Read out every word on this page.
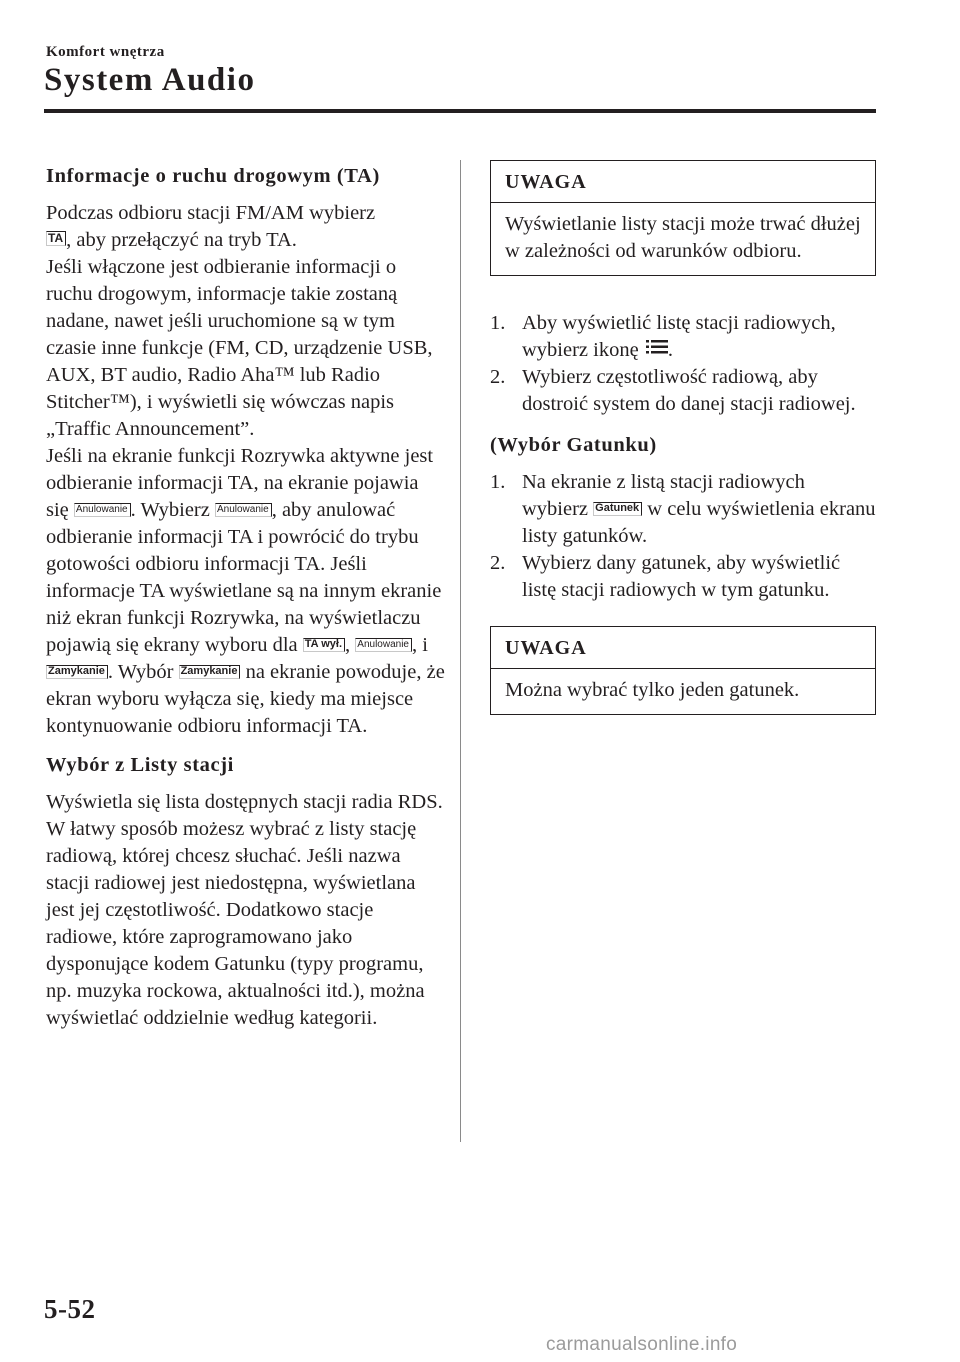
Komfort wnętrza
System Audio
Informacje o ruchu drogowym (TA)

Podczas odbioru stacji FM/AM wybierz
TA , aby przełączyć na tryb TA.

Jeśli włączone jest odbieranie informacji o ruchu drogowym, informacje takie zostaną nadane, nawet jeśli uruchomione są w tym czasie inne funkcje (FM, CD, urządzenie USB, AUX, BT audio, Radio Aha™ lub Radio Stitcher™), i wyświetli się wówczas napis „Traffic Announcement”.

Jeśli na ekranie funkcji Rozrywka aktywne jest odbieranie informacji TA, na ekranie pojawia się Anulowanie . Wybierz Anulowanie , aby anulować odbieranie informacji TA i powrócić do trybu gotowości odbioru informacji TA. Jeśli informacje TA wyświetlane są na innym ekranie niż ekran funkcji Rozrywka, na wyświetlaczu pojawią się ekrany wyboru dla TA wył. , Anulowanie , i Zamykanie . Wybór Zamykanie na ekranie powoduje, że ekran wyboru wyłącza się, kiedy ma miejsce kontynuowanie odbioru informacji TA.

Wybór z Listy stacji

Wyświetla się lista dostępnych stacji radia RDS. W łatwy sposób możesz wybrać z listy stację radiową, której chcesz słuchać. Jeśli nazwa stacji radiowej jest niedostępna, wyświetlana jest jej częstotliwość. Dodatkowo stacje radiowe, które zaprogramowano jako dysponujące kodem Gatunku (typy programu, np. muzyka rockowa, aktualności itd.), można wyświetlać oddzielnie według kategorii.

UWAGA
Wyświetlanie listy stacji może trwać dłużej w zależności od warunków odbioru.
1. Aby wyświetlić listę stacji radiowych, wybierz ikonę .
2. Wybierz częstotliwość radiową, aby dostroić system do danej stacji radiowej.
(Wybór Gatunku)
1. Na ekranie z listą stacji radiowych wybierz Gatunek w celu wyświetlenia ekranu listy gatunków.
2. Wybierz dany gatunek, aby wyświetlić listę stacji radiowych w tym gatunku.
UWAGA
Można wybrać tylko jeden gatunek.
5-52
carmanualsonline.info
